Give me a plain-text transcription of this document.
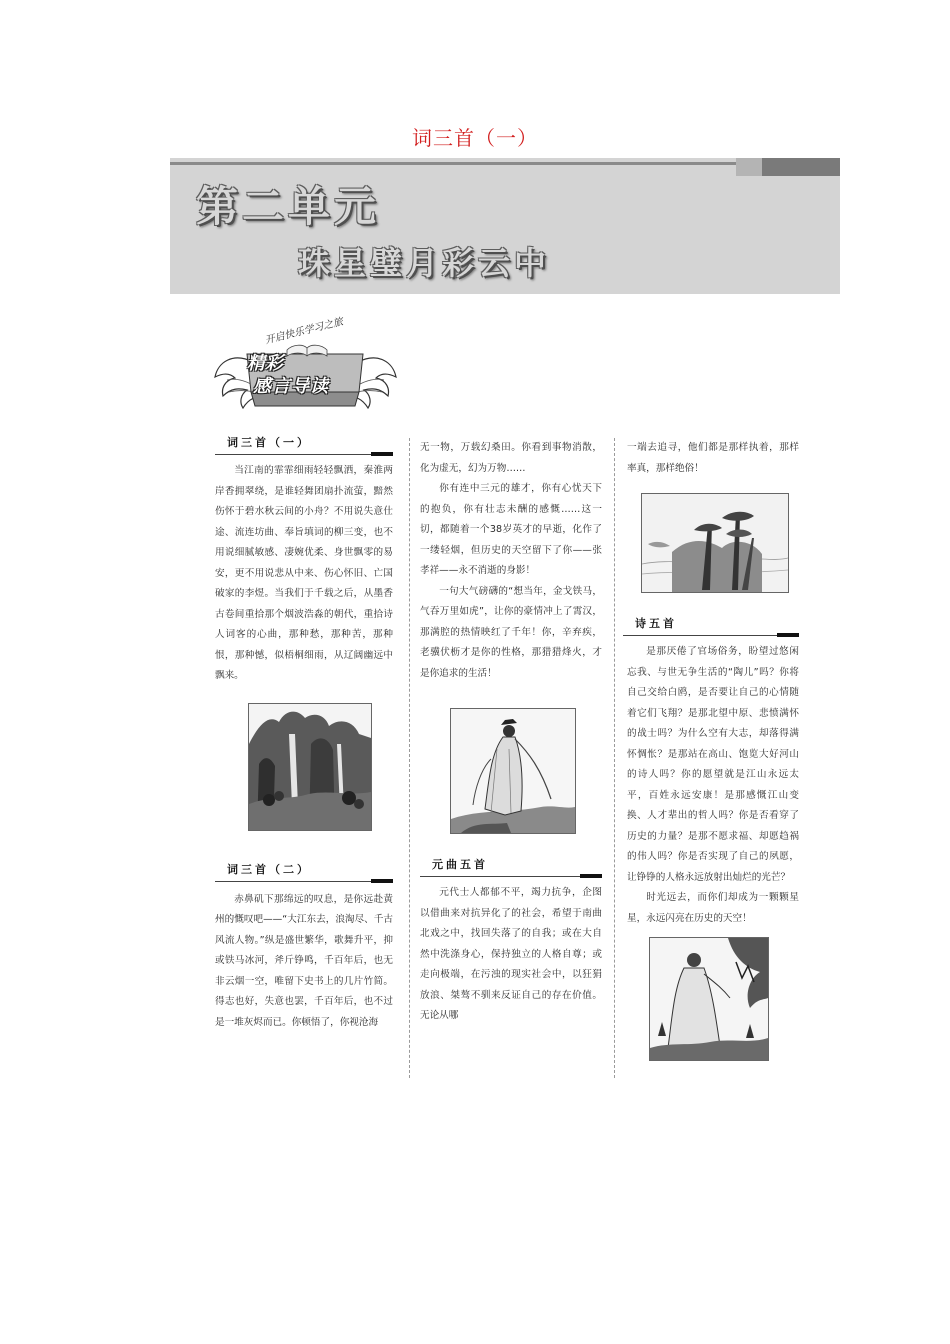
词三首（一）
第二单元
珠星璧月彩云中
开启快乐学习之旅
精彩
感言导读
词三首（一）

当江南的霏霏细雨轻轻飘洒，秦淮两岸香拥翠绕，是谁轻舞团扇扑流萤，黯然伤怀于碧水秋云间的小舟？不用说失意仕途、流连坊曲、奉旨填词的柳三变，也不用说细腻敏感、凄婉优柔、身世飘零的易安，更不用说悲从中来、伤心怀旧、亡国破家的李煜。当我们于千载之后，从墨香古卷间重拾那个烟波浩淼的朝代，重拾诗人词客的心曲，那种愁，那种苦，那种恨，那种憾，似梧桐细雨，从辽阔幽远中飘来。

词三首（二）

赤鼻矶下那绵远的叹息，是你远赴黄州的慨叹吧——“大江东去，浪淘尽、千古风流人物。”纵是盛世繁华，歌舞升平，抑或铁马冰河，斧斤铮鸣，千百年后，也无非云烟一空，唯留下史书上的几片竹简。得志也好，失意也罢，千百年后，也不过是一堆灰烬而已。你顿悟了，你视沧海

无一物，万载幻桑田。你看到事物消散，化为虚无，幻为万物……

你有连中三元的雄才，你有心忧天下的抱负，你有壮志未酬的感慨……这一切，都随着一个38岁英才的早逝，化作了一缕轻烟，但历史的天空留下了你——张孝祥——永不消逝的身影！

一句大气磅礴的“想当年，金戈铁马，气吞万里如虎”，让你的豪情冲上了霄汉，那满腔的热情映红了千年！你，辛弃疾，老骥伏枥才是你的性格，那猎猎烽火，才是你追求的生活！

元曲五首

元代士人都郁不平，竭力抗争，企图以借曲来对抗异化了的社会，希望于南曲北戏之中，找回失落了的自我；或在大自然中洗涤身心，保持独立的人格自尊；或走向极端，在污浊的现实社会中，以狂狷放浪、桀骜不驯来反证自己的存在价值。无论从哪

一端去追寻，他们都是那样执着，那样率真，那样绝俗！

诗五首

是那厌倦了官场俗务，盼望过悠闲忘我、与世无争生活的“陶儿”吗？你将自己交给白鸥，是否要让自己的心情随着它们飞翔？是那北望中原、悲愤满怀的战士吗？为什么空有大志，却落得满怀惆怅？是那站在高山、饱览大好河山的诗人吗？你的愿望就是江山永远太平，百姓永远安康！是那感慨江山变换、人才辈出的哲人吗？你是否看穿了历史的力量？是那不愿求福、却愿趋祸的伟人吗？你是否实现了自己的夙愿，让铮铮的人格永远放射出灿烂的光芒？

时光远去，而你们却成为一颗颗星星，永远闪亮在历史的天空！
